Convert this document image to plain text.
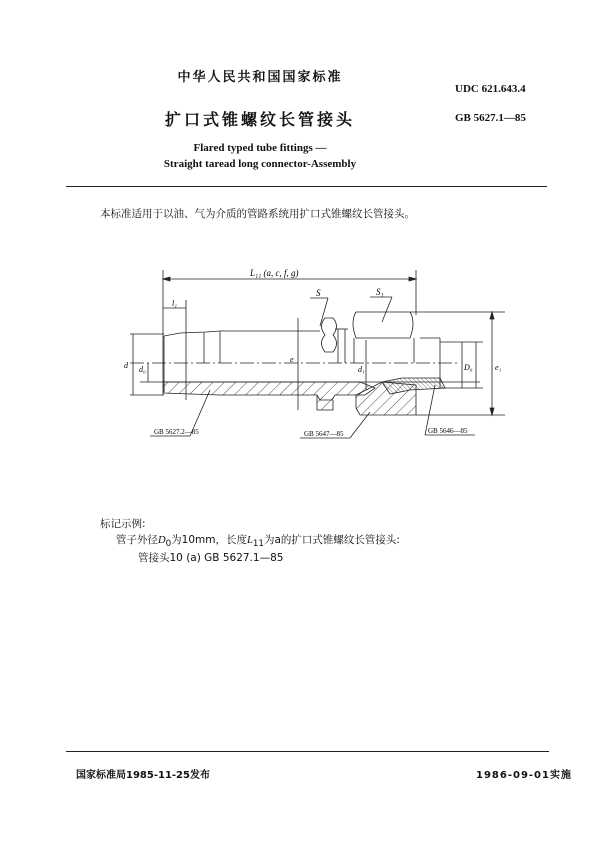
中华人民共和国国家标准
UDC 621.643.4
扩口式锥螺纹长管接头	GB 5627.1—85
Flared typed tube fittings —
Straight taread long connector-Assembly
本标准适用于以油、气为介质的管路系统用扩口式锥螺纹长管接头。
L₁₁ (a, c, f, g)
l₁
S	S₁
d d₀
e
d₁	D₀	e₁
GB 5627.2—85	GB 5647—85	GB 5646—85
标记示例:
管子外径$D_0$为10mm，长度$L_{11}$为a的扩口式锥螺纹长管接头:
管接头10 (a) GB 5627.1—85
国家标准局1985-11-25发布	1986-09-01实施
